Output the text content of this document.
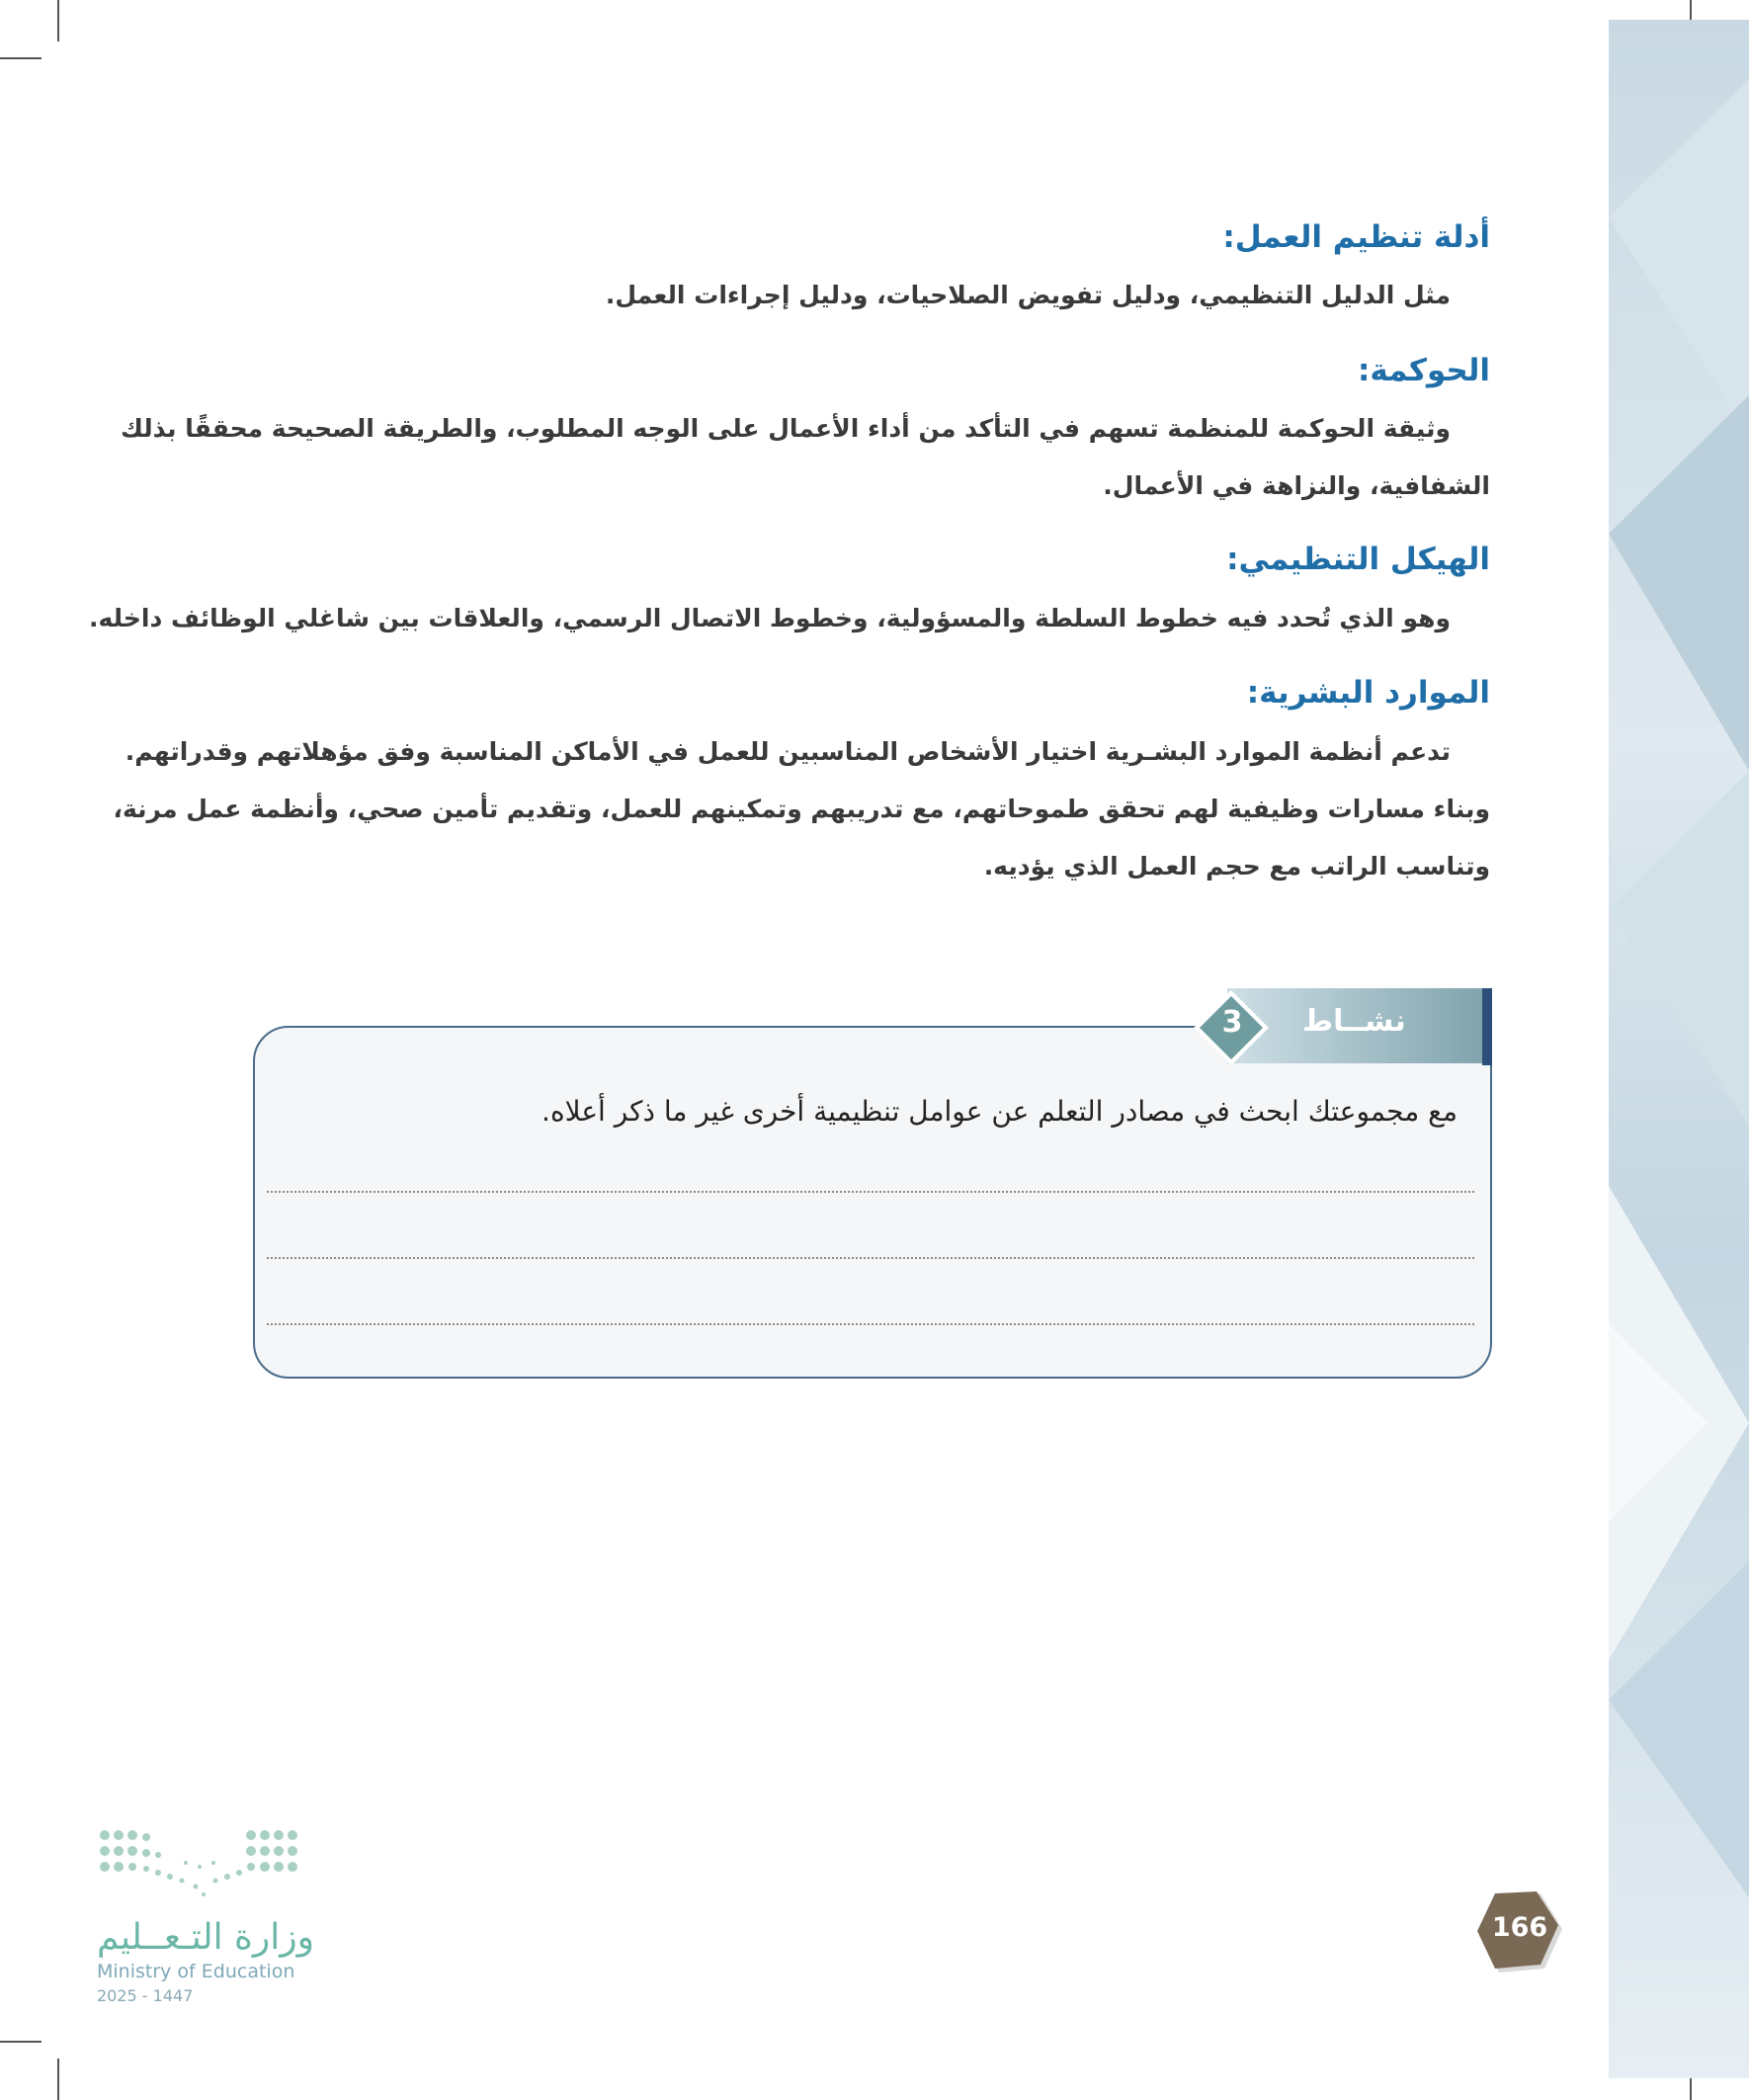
أدلة تنظيم العمل:
مثل الدليل التنظيمي، ودليل تفويض الصلاحيات، ودليل إجراءات العمل.
الحوكمة:
وثيقة الحوكمة للمنظمة تسهم في التأكد من أداء الأعمال على الوجه المطلوب، والطريقة الصحيحة محققًا بذلك
الشفافية، والنزاهة في الأعمال.
الهيكل التنظيمي:
وهو الذي تُحدد فيه خطوط السلطة والمسؤولية، وخطوط الاتصال الرسمي، والعلاقات بين شاغلي الوظائف داخله.
الموارد البشرية:
تدعم أنظمة الموارد البشـرية اختيار الأشخاص المناسبين للعمل في الأماكن المناسبة وفق مؤهلاتهم وقدراتهم.
وبناء مسارات وظيفية لهم تحقق طموحاتهم، مع تدريبهم وتمكينهم للعمل، وتقديم تأمين صحي، وأنظمة عمل مرنة،
وتناسب الراتب مع حجم العمل الذي يؤديه.
نشــاط
3
مع مجموعتك ابحث في مصادر التعلم عن عوامل تنظيمية أخرى غير ما ذكر أعلاه.
وزارة التـعــليم
Ministry of Education
2025 - 1447
166
